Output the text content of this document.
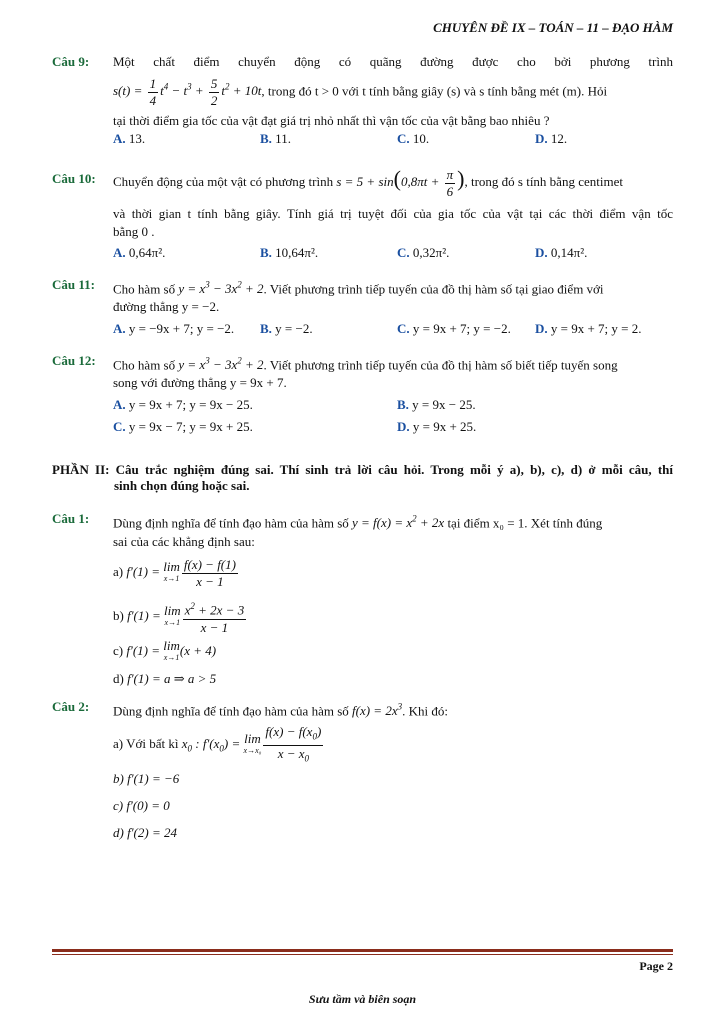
CHUYÊN ĐỀ IX – TOÁN – 11 – ĐẠO HÀM
Câu 9: Một chất điểm chuyển động có quãng đường được cho bởi phương trình
$s(t) = \frac{1}{4} t^4 - t^3 + \frac{5}{2} t^2 + 10t$, trong đó t > 0 với t tính bằng giây (s) và s tính bằng mét (m). Hỏi
tại thời điểm gia tốc của vật đạt giá trị nhỏ nhất thì vận tốc của vật bằng bao nhiêu ?
A. 13.	B. 11.	C. 10.	D. 12.
Câu 10: Chuyển động của một vật có phương trình $s = 5 + \sin(0,8\pi t + \frac{\pi}{6}$ ), trong đó s tính bằng centimet
và thời gian t tính bằng giây. Tính giá trị tuyệt đối của gia tốc của vật tại các thời điểm vận tốc
bằng 0 .
A. 0,64π².	B. 10,64π².	C. 0,32π².	D. 0,14π².
Câu 11: Cho hàm số $y = x^3 - 3x^2 + 2$. Viết phương trình tiếp tuyến của đồ thị hàm số tại giao điểm với
đường thẳng y = −2.
A. y = −9x + 7; y = −2. B. y = −2.	C. y = 9x + 7; y = −2. D. y = 9x + 7; y = 2.
Câu 12: Cho hàm số $y = x^3 - 3x^2 + 2$. Viết phương trình tiếp tuyến của đồ thị hàm số biết tiếp tuyến song
song với đường thẳng y = 9x + 7.
A. y = 9x + 7; y = 9x − 25.	B. y = 9x − 25.
C. y = 9x − 7; y = 9x + 25.	D. y = 9x + 25.
PHẦN II: Câu trắc nghiệm đúng sai. Thí sinh trả lời câu hỏi. Trong mỗi ý a), b), c), d) ở mỗi câu, thí
sinh chọn đúng hoặc sai.
Câu 1: Dùng định nghĩa để tính đạo hàm của hàm số $y = f(x) = x^2 + 2x$ tại điểm x₀ = 1. Xét tính đúng
sai của các khẳng định sau:
a) f′(1) = lim
$x\to 1 \frac{f(x) - f(1)}{x - 1}$
b) f′(1) = lim
$x\to 1 \frac{x^2 + 2x - 3}{x - 1}$
c) f′(1) = lim
x→1 (x + 4)
d) f′(1) = a ⇒ a > 5
Câu 2: Dùng định nghĩa để tính đạo hàm của hàm số $f(x) = 2x^3$. Khi đó:
a) Với bất kì $x_0$ : $f'(x_0) = \lim$
$x\to x_0 \frac{f(x) - f(x_0)}{x - x_0}$
b) f′(1) = −6
c) f′(0) = 0
d) f′(2) = 24
Page 2
Sưu tầm và biên soạn
